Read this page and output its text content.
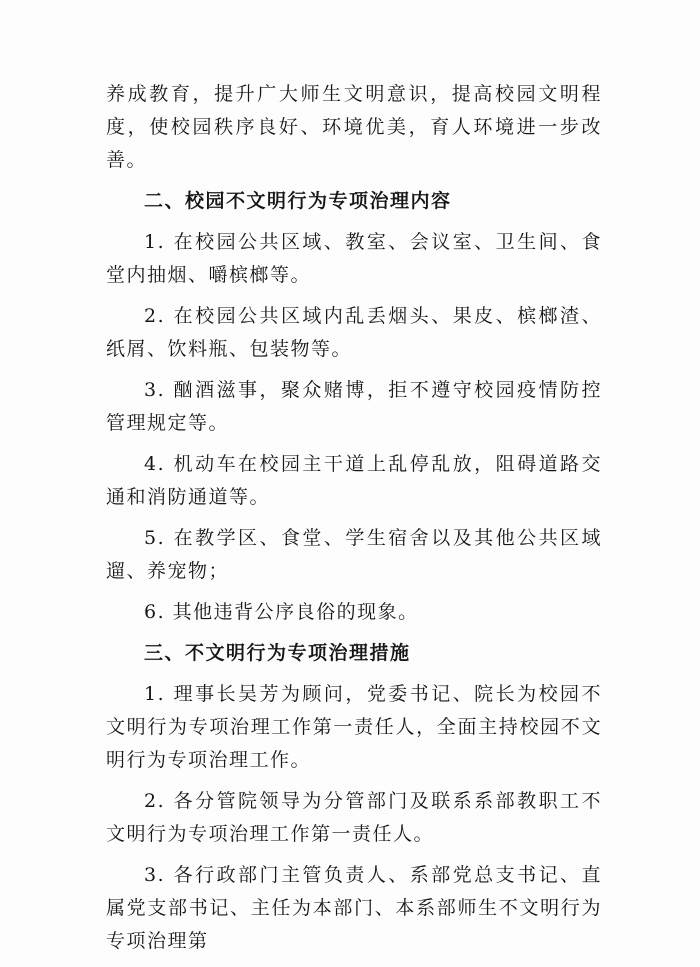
养成教育，提升广大师生文明意识，提高校园文明程度，使校园秩序良好、环境优美，育人环境进一步改善。

二、校园不文明行为专项治理内容

1. 在校园公共区域、教室、会议室、卫生间、食堂内抽烟、嚼槟榔等。

2. 在校园公共区域内乱丢烟头、果皮、槟榔渣、纸屑、饮料瓶、包装物等。

3. 酗酒滋事，聚众赌博，拒不遵守校园疫情防控管理规定等。

4. 机动车在校园主干道上乱停乱放，阻碍道路交通和消防通道等。

5. 在教学区、食堂、学生宿舍以及其他公共区域遛、养宠物；

6. 其他违背公序良俗的现象。

三、不文明行为专项治理措施

1. 理事长吴芳为顾问，党委书记、院长为校园不文明行为专项治理工作第一责任人，全面主持校园不文明行为专项治理工作。

2. 各分管院领导为分管部门及联系系部教职工不文明行为专项治理工作第一责任人。

3. 各行政部门主管负责人、系部党总支书记、直属党支部书记、主任为本部门、本系部师生不文明行为专项治理第
